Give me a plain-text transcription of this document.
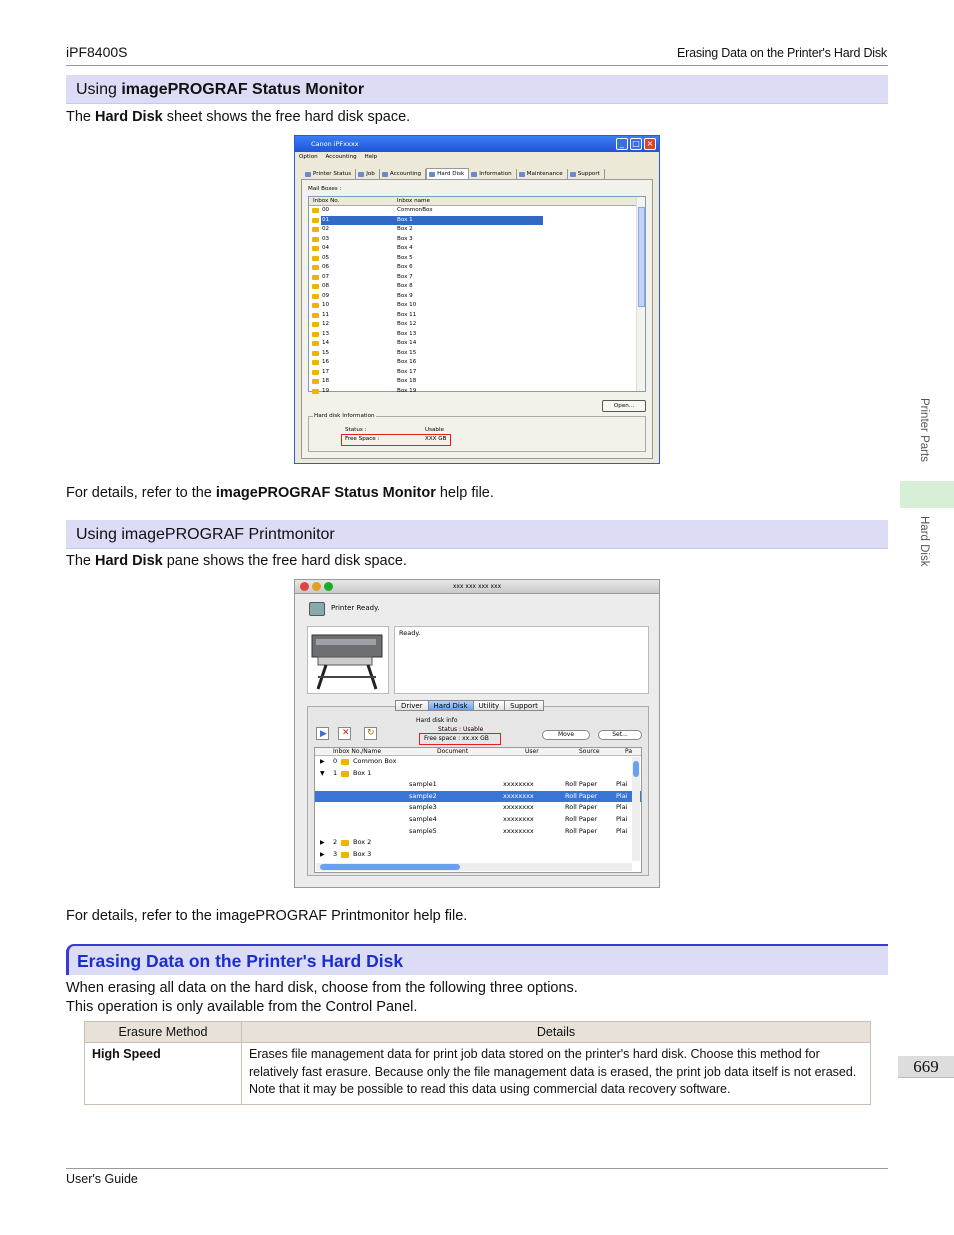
iPF8400S	Erasing Data on the Printer's Hard Disk
Using imagePROGRAF Status Monitor
The Hard Disk sheet shows the free hard disk space.
Canon iPFxxxx	_	□ ×
Option Accounting Help
Printer Status	Job	Accounting	Hard Disk	Information	Maintenance	Support
Mail Boxes :
Inbox No.	Inbox name
00	CommonBox
01	Box 1
02	Box 2
03	Box 3
04	Box 4
05	Box 5
06	Box 6
07	Box 7
08	Box 8
09	Box 9
10	Box 10
11	Box 11
12	Box 12
13	Box 13
14	Box 14
15	Box 15
16	Box 16
17	Box 17
18	Box 18
19	Box 19
Open...
Hard disk Information
Status :	Usable
Free Space :	XXX GB
For details, refer to the imagePROGRAF Status Monitor help file.
Using imagePROGRAF Printmonitor
The Hard Disk pane shows the free hard disk space.
xxx xxx xxx xxx
Printer Ready.
Ready.
▶ ✕ ↻
Hard disk info
Status : Usable
Free space : xx.xx GB
Move	Set...
Inbox No./Name	Document	User	Source	Pa
▶ 0 Common Box
▼ 1 Box 1
sample1	xxxxxxxx	Roll Paper	Plai
sample2	xxxxxxxx	Roll Paper	Plai
sample3	xxxxxxxx	Roll Paper	Plai
sample4	xxxxxxxx	Roll Paper	Plai
sample5	xxxxxxxx	Roll Paper	Plai
▶ 2 Box 2
▶ 3 Box 3
Driver Hard Disk Utility Support
For details, refer to the imagePROGRAF Printmonitor help file.
Erasing Data on the Printer's Hard Disk
When erasing all data on the hard disk, choose from the following three options.
This operation is only available from the Control Panel.
Erasure Method	Details
High Speed	Erases file management data for print job data stored on the printer's hard disk. Choose this method for relatively fast erasure. Because only the file management data is erased, the print job data itself is not erased. Note that it may be possible to read this data using commercial data recovery software.
Printer Parts
Hard Disk
669
User's Guide
